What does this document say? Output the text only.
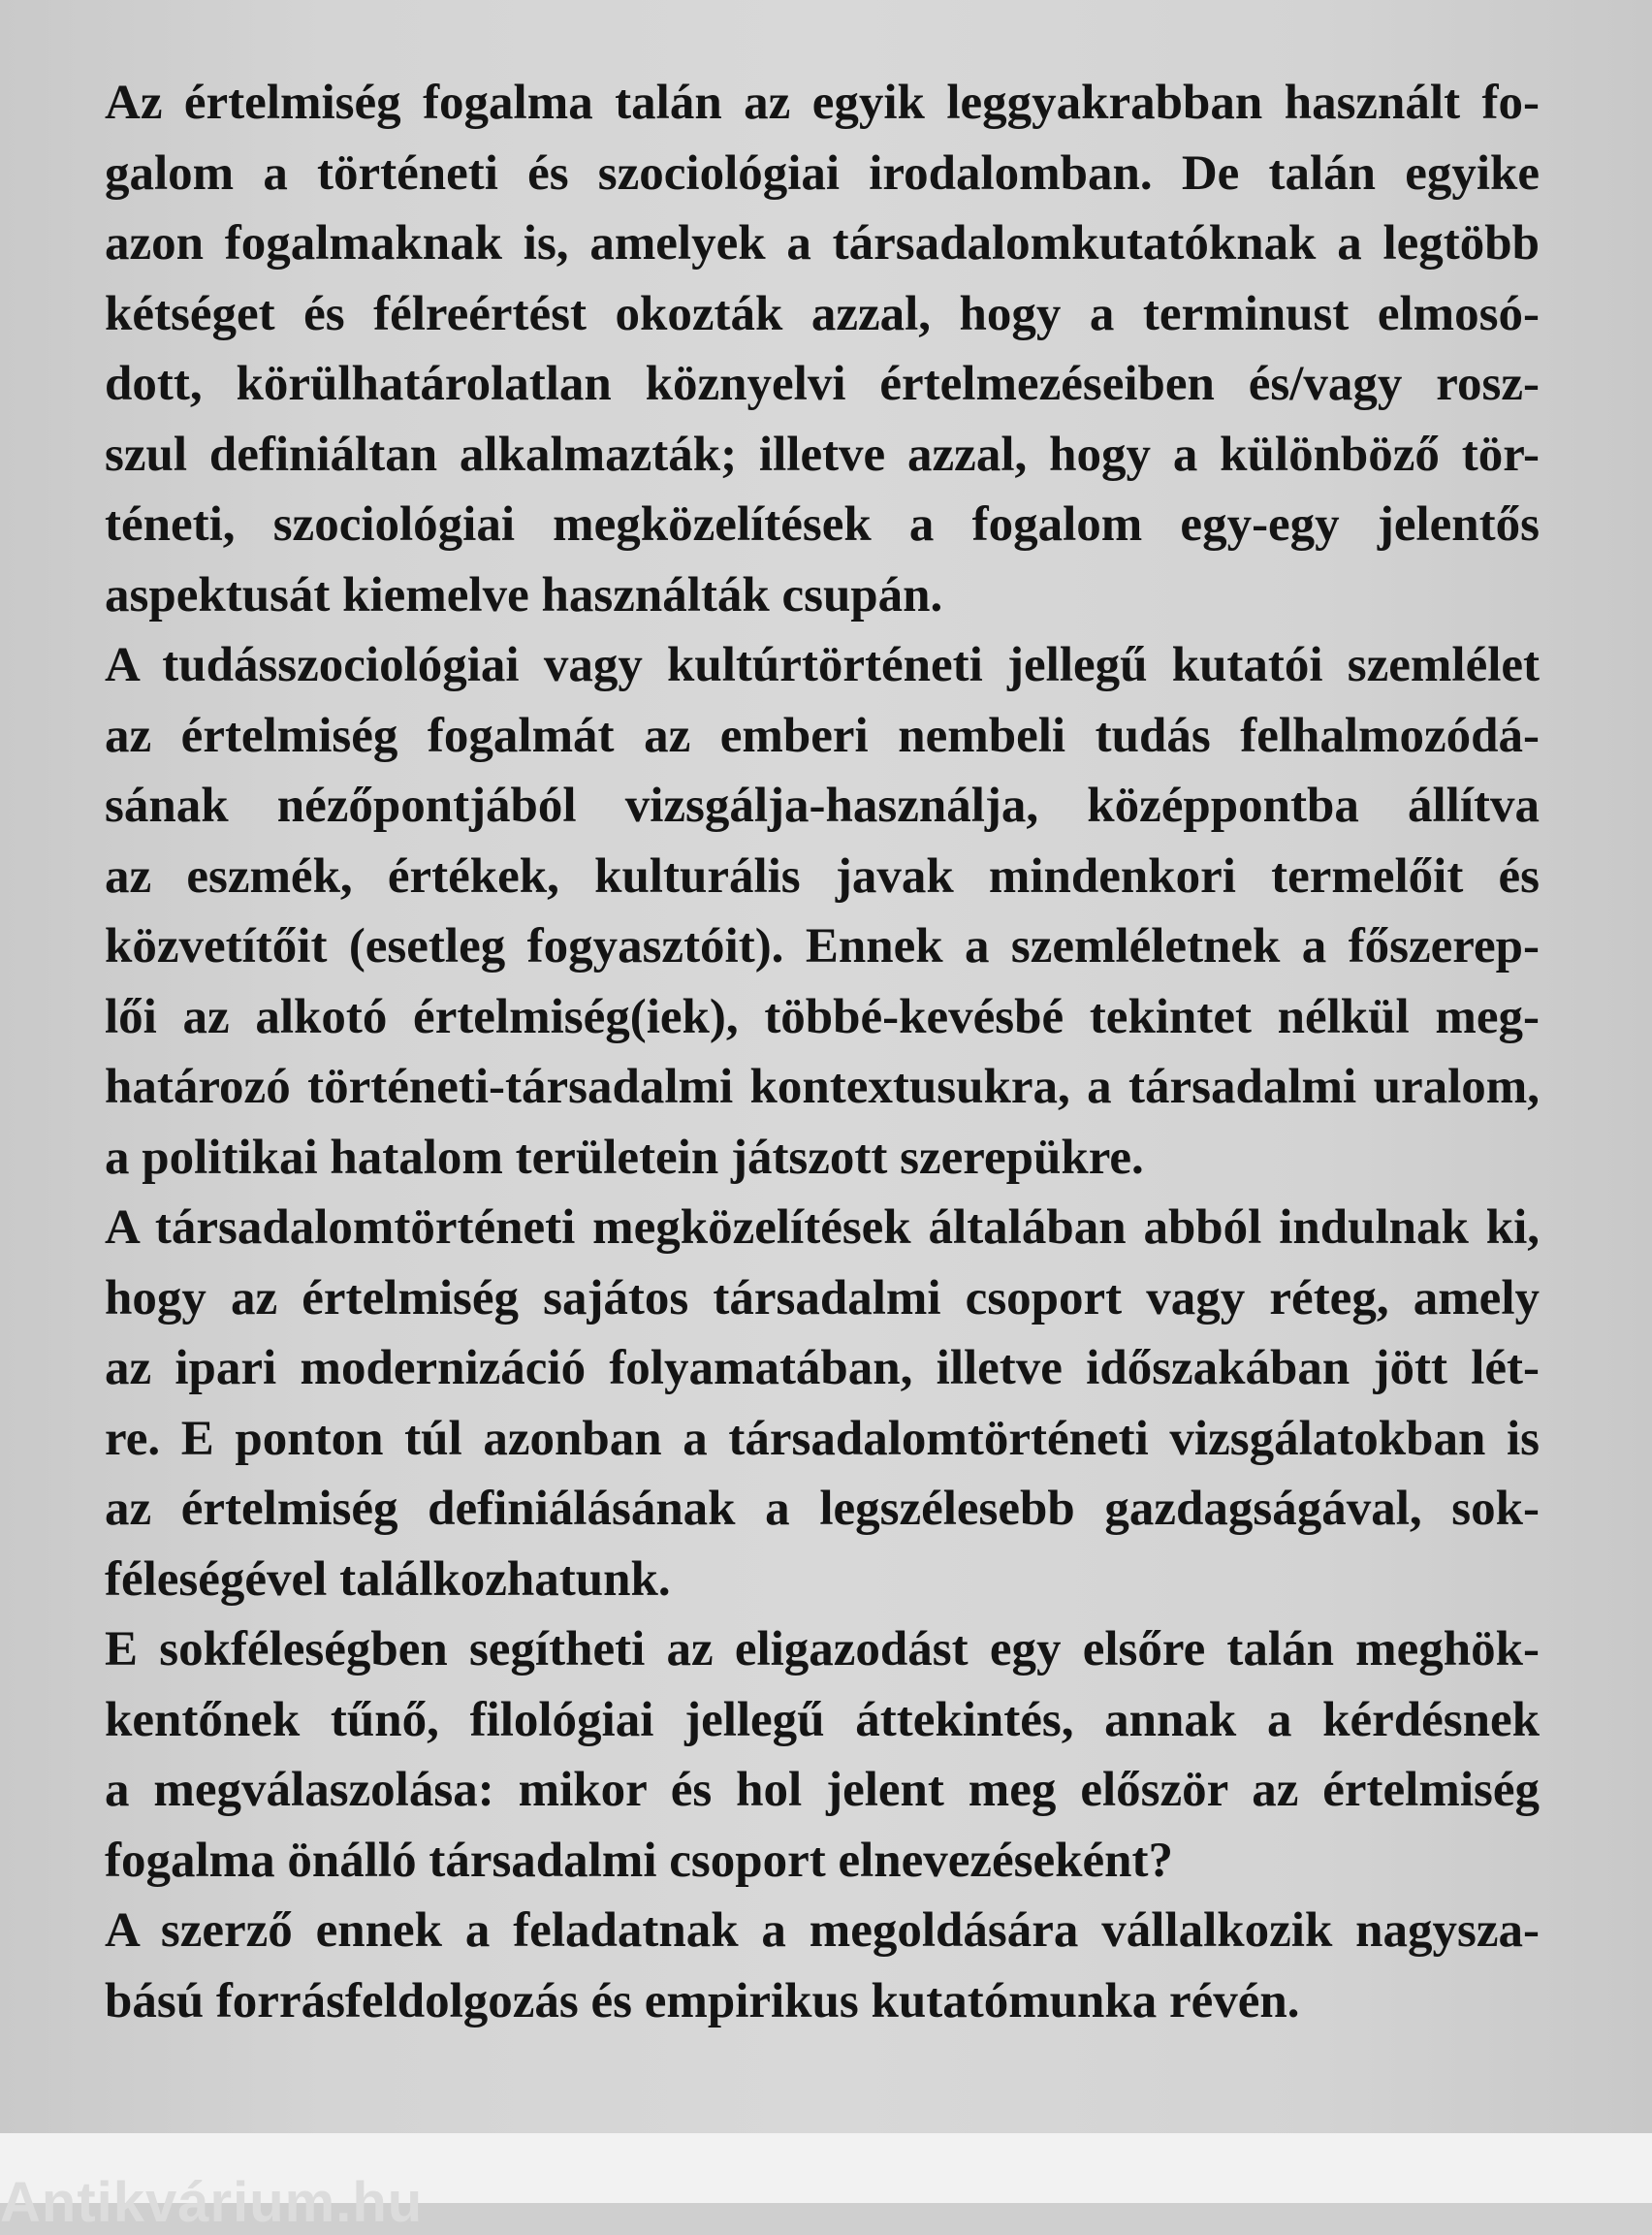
Az értelmiség fogalma talán az egyik leggyakrabban használt fo-
galom a történeti és szociológiai irodalomban. De talán egyike
azon fogalmaknak is, amelyek a társadalomkutatóknak a legtöbb
kétséget és félreértést okozták azzal, hogy a terminust elmosó-
dott, körülhatárolatlan köznyelvi értelmezéseiben és/vagy rosz-
szul definiáltan alkalmazták; illetve azzal, hogy a különböző tör-
téneti, szociológiai megközelítések a fogalom egy-egy jelentős
aspektusát kiemelve használták csupán.

A tudásszociológiai vagy kultúrtörténeti jellegű kutatói szemlélet
az értelmiség fogalmát az emberi nembeli tudás felhalmozódá-
sának nézőpontjából vizsgálja-használja, középpontba állítva
az eszmék, értékek, kulturális javak mindenkori termelőit és
közvetítőit (esetleg fogyasztóit). Ennek a szemléletnek a főszerep-
lői az alkotó értelmiség(iek), többé-kevésbé tekintet nélkül meg-
határozó történeti-társadalmi kontextusukra, a társadalmi uralom,
a politikai hatalom területein játszott szerepükre.

A társadalomtörténeti megközelítések általában abból indulnak ki,
hogy az értelmiség sajátos társadalmi csoport vagy réteg, amely
az ipari modernizáció folyamatában, illetve időszakában jött lét-
re. E ponton túl azonban a társadalomtörténeti vizsgálatokban is
az értelmiség definiálásának a legszélesebb gazdagságával, sok-
féleségével találkozhatunk.

E sokféleségben segítheti az eligazodást egy elsőre talán meghök-
kentőnek tűnő, filológiai jellegű áttekintés, annak a kérdésnek
a megválaszolása: mikor és hol jelent meg először az értelmiség
fogalma önálló társadalmi csoport elnevezéseként?

A szerző ennek a feladatnak a megoldására vállalkozik nagysza-
bású forrásfeldolgozás és empirikus kutatómunka révén.

Antikvárium.hu
